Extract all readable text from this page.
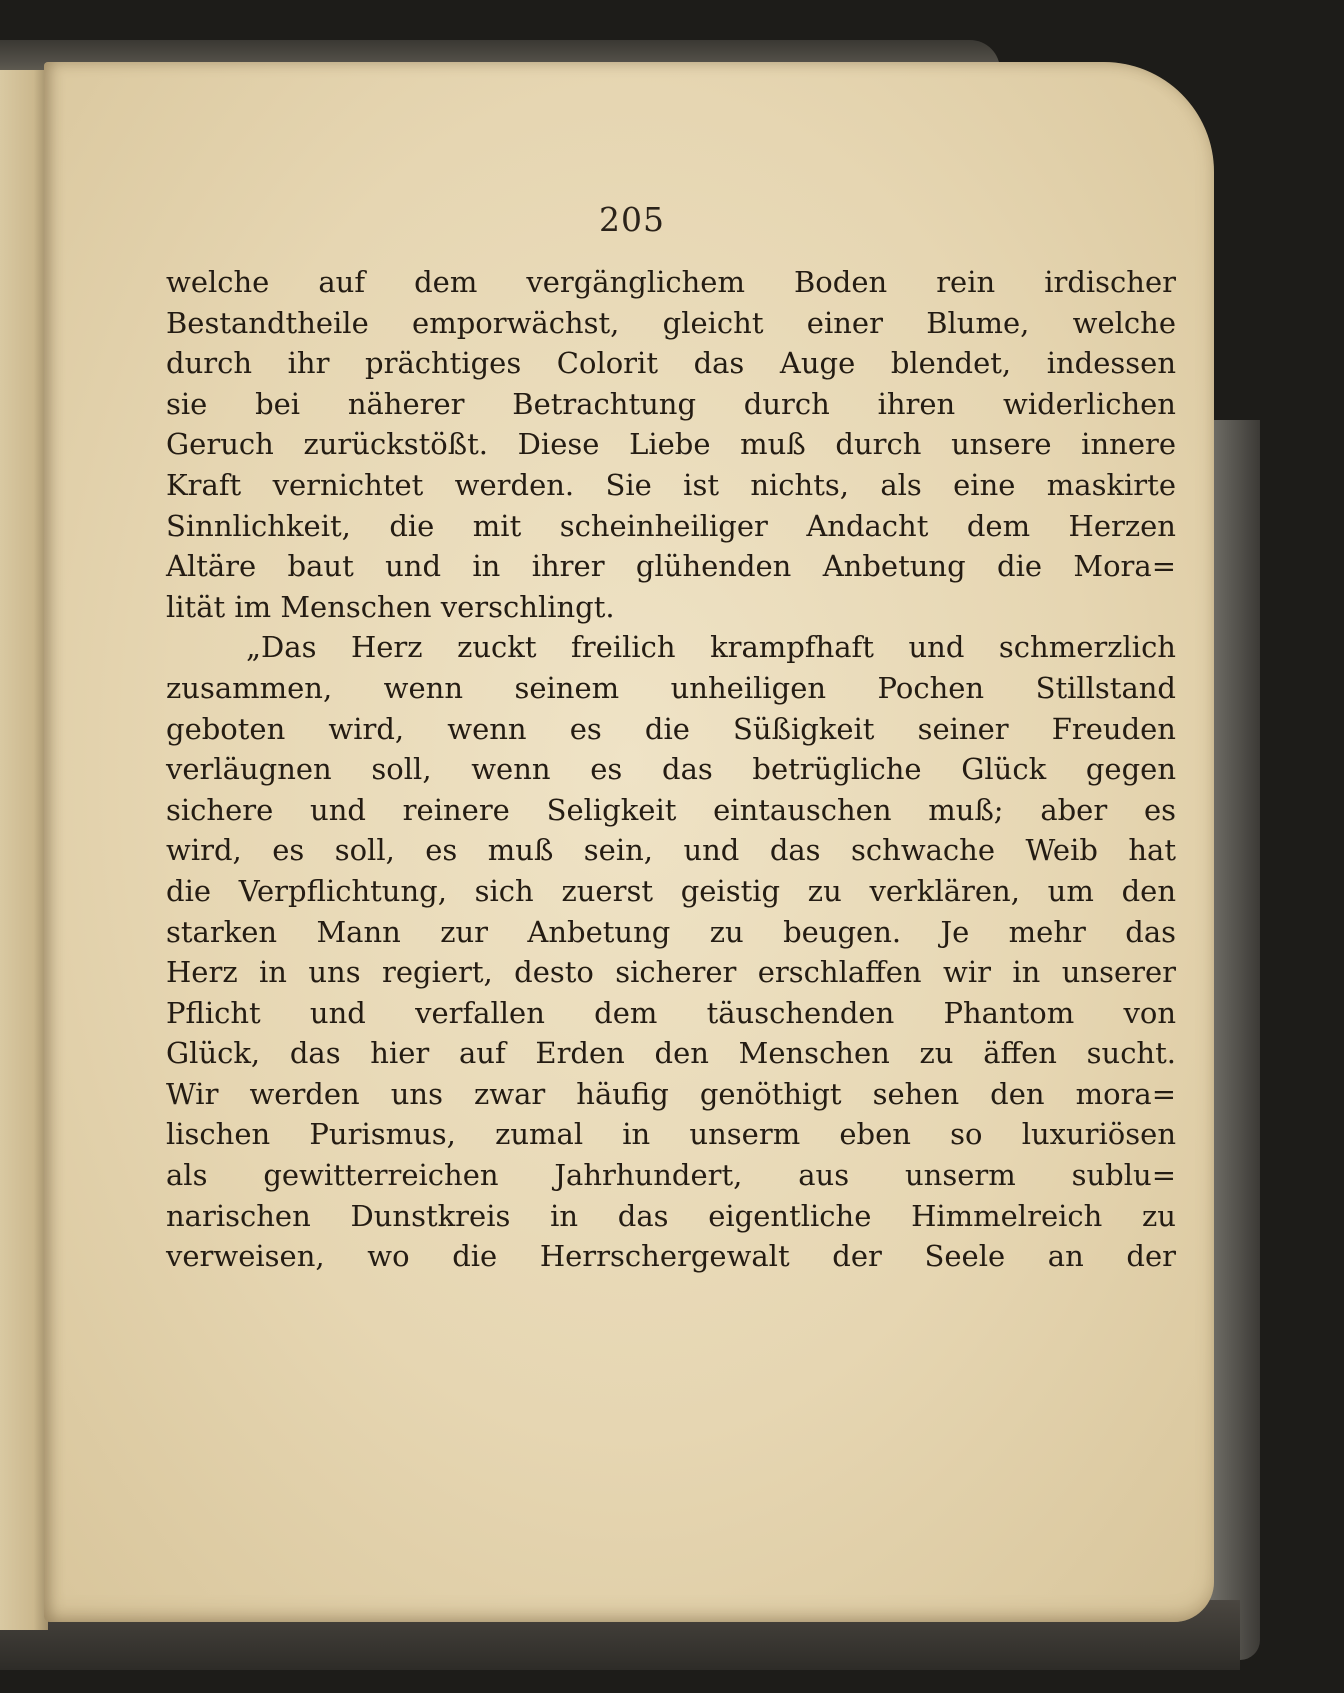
205
welche auf dem vergänglichem Boden rein irdischer
Bestandtheile emporwächst, gleicht einer Blume, welche
durch ihr prächtiges Colorit das Auge blendet, indessen
sie bei näherer Betrachtung durch ihren widerlichen
Geruch zurückstößt. Diese Liebe muß durch unsere innere
Kraft vernichtet werden. Sie ist nichts, als eine maskirte
Sinnlichkeit, die mit scheinheiliger Andacht dem Herzen
Altäre baut und in ihrer glühenden Anbetung die Mora=
lität im Menschen verschlingt.
„Das Herz zuckt freilich krampfhaft und schmerzlich
zusammen, wenn seinem unheiligen Pochen Stillstand
geboten wird, wenn es die Süßigkeit seiner Freuden
verläugnen soll, wenn es das betrügliche Glück gegen
sichere und reinere Seligkeit eintauschen muß; aber es
wird, es soll, es muß sein, und das schwache Weib hat
die Verpflichtung, sich zuerst geistig zu verklären, um den
starken Mann zur Anbetung zu beugen. Je mehr das
Herz in uns regiert, desto sicherer erschlaffen wir in unserer
Pflicht und verfallen dem täuschenden Phantom von
Glück, das hier auf Erden den Menschen zu äffen sucht.
Wir werden uns zwar häufig genöthigt sehen den mora=
lischen Purismus, zumal in unserm eben so luxuriösen
als gewitterreichen Jahrhundert, aus unserm sublu=
narischen Dunstkreis in das eigentliche Himmelreich zu
verweisen, wo die Herrschergewalt der Seele an der
